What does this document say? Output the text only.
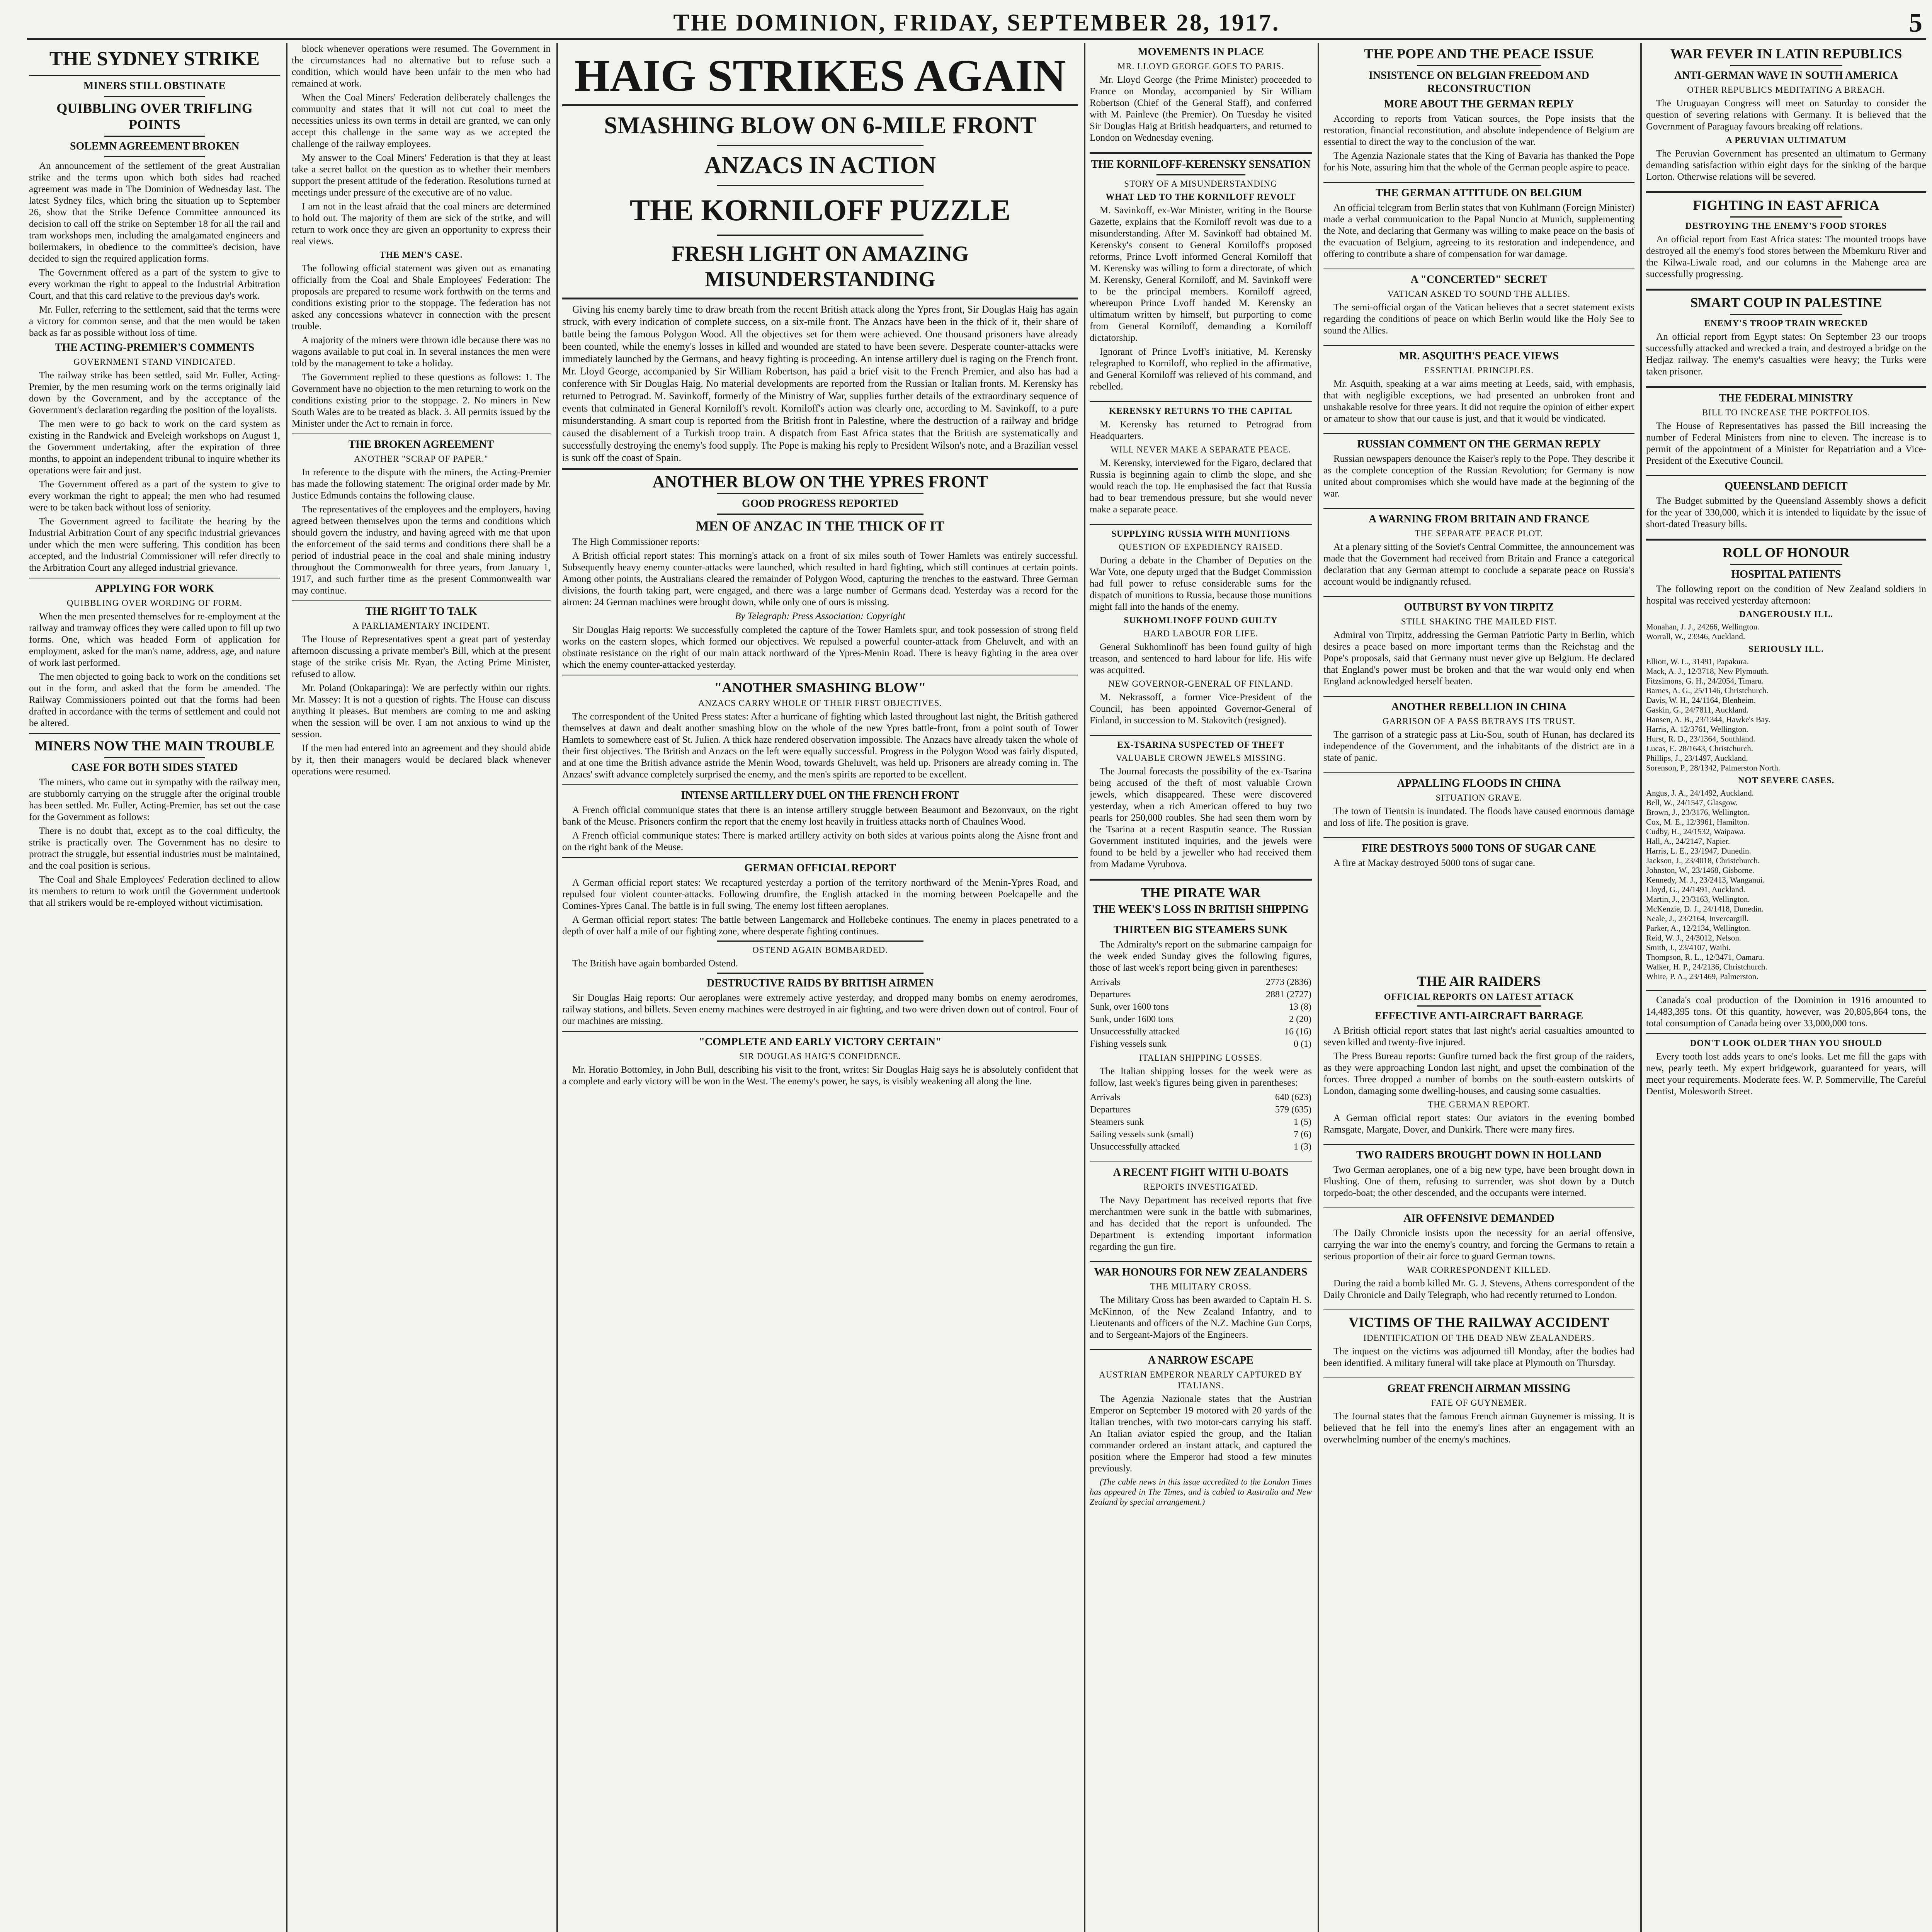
THE DOMINION, FRIDAY, SEPTEMBER 28, 1917.	5
THE SYDNEY STRIKE
MINERS STILL OBSTINATE
QUIBBLING OVER TRIFLING POINTS
SOLEMN AGREEMENT BROKEN

An announcement of the settlement of the great Australian strike and the terms upon which both sides had reached agreement was made in The Dominion of Wednesday last. The latest Sydney files, which bring the situation up to September 26, show that the Strike Defence Committee announced its decision to call off the strike on September 18 for all the rail and tram workshops men, including the amalgamated engineers and boilermakers, in obedience to the committee's decision, have decided to sign the required application forms.

The Government offered as a part of the system to give to every workman the right to appeal to the Industrial Arbitration Court, and that this card relative to the previous day's work.

Mr. Fuller, referring to the settlement, said that the terms were a victory for common sense, and that the men would be taken back as far as possible without loss of time.

THE ACTING-PREMIER'S COMMENTS
GOVERNMENT STAND VINDICATED.

The railway strike has been settled, said Mr. Fuller, Acting-Premier, by the men resuming work on the terms originally laid down by the Government, and by the acceptance of the Government's declaration regarding the position of the loyalists.

The men were to go back to work on the card system as existing in the Randwick and Eveleigh workshops on August 1, the Government undertaking, after the expiration of three months, to appoint an independent tribunal to inquire whether its operations were fair and just.

The Government offered as a part of the system to give to every workman the right to appeal; the men who had resumed were to be taken back without loss of seniority.

The Government agreed to facilitate the hearing by the Industrial Arbitration Court of any specific industrial grievances under which the men were suffering. This condition has been accepted, and the Industrial Commissioner will refer directly to the Arbitration Court any alleged industrial grievance.

APPLYING FOR WORK
QUIBBLING OVER WORDING OF FORM.

When the men presented themselves for re-employment at the railway and tramway offices they were called upon to fill up two forms. One, which was headed Form of application for employment, asked for the man's name, address, age, and nature of work last performed.

The men objected to going back to work on the conditions set out in the form, and asked that the form be amended. The Railway Commissioners pointed out that the forms had been drafted in accordance with the terms of settlement and could not be altered.

MINERS NOW THE MAIN TROUBLE
CASE FOR BOTH SIDES STATED

The miners, who came out in sympathy with the railway men, are stubbornly carrying on the struggle after the original trouble has been settled. Mr. Fuller, Acting-Premier, has set out the case for the Government as follows:

There is no doubt that, except as to the coal difficulty, the strike is practically over. The Government has no desire to protract the struggle, but essential industries must be maintained, and the coal position is serious.

The Coal and Shale Employees' Federation declined to allow its members to return to work until the Government undertook that all strikers would be re-employed without victimisation.

block whenever operations were resumed. The Government in the circumstances had no alternative but to refuse such a condition, which would have been unfair to the men who had remained at work.

When the Coal Miners' Federation deliberately challenges the community and states that it will not cut coal to meet the necessities unless its own terms in detail are granted, we can only accept this challenge in the same way as we accepted the challenge of the railway employees.

My answer to the Coal Miners' Federation is that they at least take a secret ballot on the question as to whether their members support the present attitude of the federation. Resolutions turned at meetings under pressure of the executive are of no value.

I am not in the least afraid that the coal miners are determined to hold out. The majority of them are sick of the strike, and will return to work once they are given an opportunity to express their real views.

THE MEN'S CASE.

The following official statement was given out as emanating officially from the Coal and Shale Employees' Federation: The proposals are prepared to resume work forthwith on the terms and conditions existing prior to the stoppage. The federation has not asked any concessions whatever in connection with the present trouble.

A majority of the miners were thrown idle because there was no wagons available to put coal in. In several instances the men were told by the management to take a holiday.

The Government replied to these questions as follows: 1. The Government have no objection to the men returning to work on the conditions existing prior to the stoppage. 2. No miners in New South Wales are to be treated as black. 3. All permits issued by the Minister under the Act to remain in force.

THE BROKEN AGREEMENT
ANOTHER "SCRAP OF PAPER."

In reference to the dispute with the miners, the Acting-Premier has made the following statement: The original order made by Mr. Justice Edmunds contains the following clause.

The representatives of the employees and the employers, having agreed between themselves upon the terms and conditions which should govern the industry, and having agreed with me that upon the enforcement of the said terms and conditions there shall be a period of industrial peace in the coal and shale mining industry throughout the Commonwealth for three years, from January 1, 1917, and such further time as the present Commonwealth war may continue.

THE RIGHT TO TALK
A PARLIAMENTARY INCIDENT.

The House of Representatives spent a great part of yesterday afternoon discussing a private member's Bill, which at the present stage of the strike crisis Mr. Ryan, the Acting Prime Minister, refused to allow.

Mr. Poland (Onkaparinga): We are perfectly within our rights. Mr. Massey: It is not a question of rights. The House can discuss anything it pleases. But members are coming to me and asking when the session will be over. I am not anxious to wind up the session.

If the men had entered into an agreement and they should abide by it, then their managers would be declared black whenever operations were resumed.

HAIG STRIKES AGAIN
SMASHING BLOW ON 6-MILE FRONT
ANZACS IN ACTION
THE KORNILOFF PUZZLE
FRESH LIGHT ON AMAZING MISUNDERSTANDING

Giving his enemy barely time to draw breath from the recent British attack along the Ypres front, Sir Douglas Haig has again struck, with every indication of complete success, on a six-mile front. The Anzacs have been in the thick of it, their share of battle being the famous Polygon Wood. All the objectives set for them were achieved. One thousand prisoners have already been counted, while the enemy's losses in killed and wounded are stated to have been severe. Desperate counter-attacks were immediately launched by the Germans, and heavy fighting is proceeding. An intense artillery duel is raging on the French front. Mr. Lloyd George, accompanied by Sir William Robertson, has paid a brief visit to the French Premier, and also has had a conference with Sir Douglas Haig. No material developments are reported from the Russian or Italian fronts. M. Kerensky has returned to Petrograd. M. Savinkoff, formerly of the Ministry of War, supplies further details of the extraordinary sequence of events that culminated in General Korniloff's revolt. Korniloff's action was clearly one, according to M. Savinkoff, to a pure misunderstanding. A smart coup is reported from the British front in Palestine, where the destruction of a railway and bridge caused the disablement of a Turkish troop train. A dispatch from East Africa states that the British are systematically and successfully destroying the enemy's food supply. The Pope is making his reply to President Wilson's note, and a Brazilian vessel is sunk off the coast of Spain.

ANOTHER BLOW ON THE YPRES FRONT
GOOD PROGRESS REPORTED
MEN OF ANZAC IN THE THICK OF IT

The High Commissioner reports:

A British official report states: This morning's attack on a front of six miles south of Tower Hamlets was entirely successful. Subsequently heavy enemy counter-attacks were launched, which resulted in hard fighting, which still continues at certain points. Among other points, the Australians cleared the remainder of Polygon Wood, capturing the trenches to the eastward. Three German divisions, the fourth taking part, were engaged, and there was a large number of Germans dead. Yesterday was a record for the airmen: 24 German machines were brought down, while only one of ours is missing.

By Telegraph: Press Association: Copyright

Sir Douglas Haig reports: We successfully completed the capture of the Tower Hamlets spur, and took possession of strong field works on the eastern slopes, which formed our objectives. We repulsed a powerful counter-attack from Gheluvelt, and with an obstinate resistance on the right of our main attack northward of the Ypres-Menin Road. There is heavy fighting in the area over which the enemy counter-attacked yesterday.

"ANOTHER SMASHING BLOW"
ANZACS CARRY WHOLE OF THEIR FIRST OBJECTIVES.

The correspondent of the United Press states: After a hurricane of fighting which lasted throughout last night, the British gathered themselves at dawn and dealt another smashing blow on the whole of the new Ypres battle-front, from a point south of Tower Hamlets to somewhere east of St. Julien. A thick haze rendered observation impossible. The Anzacs have already taken the whole of their first objectives. The British and Anzacs on the left were equally successful. Progress in the Polygon Wood was fairly disputed, and at one time the British advance astride the Menin Wood, towards Gheluvelt, was held up. Prisoners are already coming in. The Anzacs' swift advance completely surprised the enemy, and the men's spirits are reported to be excellent.

INTENSE ARTILLERY DUEL ON THE FRENCH FRONT

A French official communique states that there is an intense artillery struggle between Beaumont and Bezonvaux, on the right bank of the Meuse. Prisoners confirm the report that the enemy lost heavily in fruitless attacks north of Chaulnes Wood.

A French official communique states: There is marked artillery activity on both sides at various points along the Aisne front and on the right bank of the Meuse.

GERMAN OFFICIAL REPORT

A German official report states: We recaptured yesterday a portion of the territory northward of the Menin-Ypres Road, and repulsed four violent counter-attacks. Following drumfire, the English attacked in the morning between Poelcapelle and the Comines-Ypres Canal. The battle is in full swing. The enemy lost fifteen aeroplanes.

A German official report states: The battle between Langemarck and Hollebeke continues. The enemy in places penetrated to a depth of over half a mile of our fighting zone, where desperate fighting continues.

OSTEND AGAIN BOMBARDED.

The British have again bombarded Ostend.

DESTRUCTIVE RAIDS BY BRITISH AIRMEN

Sir Douglas Haig reports: Our aeroplanes were extremely active yesterday, and dropped many bombs on enemy aerodromes, railway stations, and billets. Seven enemy machines were destroyed in air fighting, and two were driven down out of control. Four of our machines are missing.

"COMPLETE AND EARLY VICTORY CERTAIN"
SIR DOUGLAS HAIG'S CONFIDENCE.

Mr. Horatio Bottomley, in John Bull, describing his visit to the front, writes: Sir Douglas Haig says he is absolutely confident that a complete and early victory will be won in the West. The enemy's power, he says, is visibly weakening all along the line.

MOVEMENTS IN PLACE
MR. LLOYD GEORGE GOES TO PARIS.

Mr. Lloyd George (the Prime Minister) proceeded to France on Monday, accompanied by Sir William Robertson (Chief of the General Staff), and conferred with M. Painleve (the Premier). On Tuesday he visited Sir Douglas Haig at British headquarters, and returned to London on Wednesday evening.

THE KORNILOFF-KERENSKY SENSATION
STORY OF A MISUNDERSTANDING
WHAT LED TO THE KORNILOFF REVOLT

M. Savinkoff, ex-War Minister, writing in the Bourse Gazette, explains that the Korniloff revolt was due to a misunderstanding. After M. Savinkoff had obtained M. Kerensky's consent to General Korniloff's proposed reforms, Prince Lvoff informed General Korniloff that M. Kerensky was willing to form a directorate, of which M. Kerensky, General Korniloff, and M. Savinkoff were to be the principal members. Korniloff agreed, whereupon Prince Lvoff handed M. Kerensky an ultimatum written by himself, but purporting to come from General Korniloff, demanding a Korniloff dictatorship.

Ignorant of Prince Lvoff's initiative, M. Kerensky telegraphed to Korniloff, who replied in the affirmative, and General Korniloff was relieved of his command, and rebelled.

KERENSKY RETURNS TO THE CAPITAL

M. Kerensky has returned to Petrograd from Headquarters.

WILL NEVER MAKE A SEPARATE PEACE.

M. Kerensky, interviewed for the Figaro, declared that Russia is beginning again to climb the slope, and she would reach the top. He emphasised the fact that Russia had to bear tremendous pressure, but she would never make a separate peace.

SUPPLYING RUSSIA WITH MUNITIONS
QUESTION OF EXPEDIENCY RAISED.

During a debate in the Chamber of Deputies on the War Vote, one deputy urged that the Budget Commission had full power to refuse considerable sums for the dispatch of munitions to Russia, because those munitions might fall into the hands of the enemy.

SUKHOMLINOFF FOUND GUILTY
HARD LABOUR FOR LIFE.

General Sukhomlinoff has been found guilty of high treason, and sentenced to hard labour for life. His wife was acquitted.

NEW GOVERNOR-GENERAL OF FINLAND.

M. Nekrassoff, a former Vice-President of the Council, has been appointed Governor-General of Finland, in succession to M. Stakovitch (resigned).

EX-TSARINA SUSPECTED OF THEFT
VALUABLE CROWN JEWELS MISSING.

The Journal forecasts the possibility of the ex-Tsarina being accused of the theft of most valuable Crown jewels, which disappeared. These were discovered yesterday, when a rich American offered to buy two pearls for 250,000 roubles. She had seen them worn by the Tsarina at a recent Rasputin seance. The Russian Government instituted inquiries, and the jewels were found to be held by a jeweller who had received them from Madame Vyrubova.

THE PIRATE WAR
THE WEEK'S LOSS IN BRITISH SHIPPING
THIRTEEN BIG STEAMERS SUNK

The Admiralty's report on the submarine campaign for the week ended Sunday gives the following figures, those of last week's report being given in parentheses:

Arrivals	2773 (2836)
Departures	2881 (2727)
Sunk, over 1600 tons	13 (8)
Sunk, under 1600 tons	2 (20)
Unsuccessfully attacked	16 (16)
Fishing vessels sunk	0 (1)
ITALIAN SHIPPING LOSSES.

The Italian shipping losses for the week were as follow, last week's figures being given in parentheses:

Arrivals	640 (623)
Departures	579 (635)
Steamers sunk	1 (5)
Sailing vessels sunk (small)	7 (6)
Unsuccessfully attacked	1 (3)
A RECENT FIGHT WITH U-BOATS
REPORTS INVESTIGATED.

The Navy Department has received reports that five merchantmen were sunk in the battle with submarines, and has decided that the report is unfounded. The Department is extending important information regarding the gun fire.

WAR HONOURS FOR NEW ZEALANDERS
THE MILITARY CROSS.

The Military Cross has been awarded to Captain H. S. McKinnon, of the New Zealand Infantry, and to Lieutenants and officers of the N.Z. Machine Gun Corps, and to Sergeant-Majors of the Engineers.

A NARROW ESCAPE
AUSTRIAN EMPEROR NEARLY CAPTURED BY ITALIANS.

The Agenzia Nazionale states that the Austrian Emperor on September 19 motored with 20 yards of the Italian trenches, with two motor-cars carrying his staff. An Italian aviator espied the group, and the Italian commander ordered an instant attack, and captured the position where the Emperor had stood a few minutes previously.

(The cable news in this issue accredited to the London Times has appeared in The Times, and is cabled to Australia and New Zealand by special arrangement.)

THE AIR RAIDERS
OFFICIAL REPORTS ON LATEST ATTACK
EFFECTIVE ANTI-AIRCRAFT BARRAGE

A British official report states that last night's aerial casualties amounted to seven killed and twenty-five injured.

The Press Bureau reports: Gunfire turned back the first group of the raiders, as they were approaching London last night, and upset the combination of the forces. Three dropped a number of bombs on the south-eastern outskirts of London, damaging some dwelling-houses, and causing some casualties.

THE GERMAN REPORT.

A German official report states: Our aviators in the evening bombed Ramsgate, Margate, Dover, and Dunkirk. There were many fires.

TWO RAIDERS BROUGHT DOWN IN HOLLAND

Two German aeroplanes, one of a big new type, have been brought down in Flushing. One of them, refusing to surrender, was shot down by a Dutch torpedo-boat; the other descended, and the occupants were interned.

AIR OFFENSIVE DEMANDED

The Daily Chronicle insists upon the necessity for an aerial offensive, carrying the war into the enemy's country, and forcing the Germans to retain a serious proportion of their air force to guard German towns.

WAR CORRESPONDENT KILLED.

During the raid a bomb killed Mr. G. J. Stevens, Athens correspondent of the Daily Chronicle and Daily Telegraph, who had recently returned to London.

VICTIMS OF THE RAILWAY ACCIDENT
IDENTIFICATION OF THE DEAD NEW ZEALANDERS.

The inquest on the victims was adjourned till Monday, after the bodies had been identified. A military funeral will take place at Plymouth on Thursday.

GREAT FRENCH AIRMAN MISSING
FATE OF GUYNEMER.

The Journal states that the famous French airman Guynemer is missing. It is believed that he fell into the enemy's lines after an engagement with an overwhelming number of the enemy's machines.

THE POPE AND THE PEACE ISSUE
INSISTENCE ON BELGIAN FREEDOM AND RECONSTRUCTION
MORE ABOUT THE GERMAN REPLY

According to reports from Vatican sources, the Pope insists that the restoration, financial reconstitution, and absolute independence of Belgium are essential to direct the way to the conclusion of the war.

The Agenzia Nazionale states that the King of Bavaria has thanked the Pope for his Note, assuring him that the whole of the German people aspire to peace.

THE GERMAN ATTITUDE ON BELGIUM

An official telegram from Berlin states that von Kuhlmann (Foreign Minister) made a verbal communication to the Papal Nuncio at Munich, supplementing the Note, and declaring that Germany was willing to make peace on the basis of the evacuation of Belgium, agreeing to its restoration and independence, and offering to contribute a share of compensation for war damage.

A "CONCERTED" SECRET
VATICAN ASKED TO SOUND THE ALLIES.

The semi-official organ of the Vatican believes that a secret statement exists regarding the conditions of peace on which Berlin would like the Holy See to sound the Allies.

MR. ASQUITH'S PEACE VIEWS
ESSENTIAL PRINCIPLES.

Mr. Asquith, speaking at a war aims meeting at Leeds, said, with emphasis, that with negligible exceptions, we had presented an unbroken front and unshakable resolve for three years. It did not require the opinion of either expert or amateur to show that our cause is just, and that it would be vindicated.

RUSSIAN COMMENT ON THE GERMAN REPLY

Russian newspapers denounce the Kaiser's reply to the Pope. They describe it as the complete conception of the Russian Revolution; for Germany is now united about compromises which she would have made at the beginning of the war.

A WARNING FROM BRITAIN AND FRANCE
THE SEPARATE PEACE PLOT.

At a plenary sitting of the Soviet's Central Committee, the announcement was made that the Government had received from Britain and France a categorical declaration that any German attempt to conclude a separate peace on Russia's account would be indignantly refused.

OUTBURST BY VON TIRPITZ
STILL SHAKING THE MAILED FIST.

Admiral von Tirpitz, addressing the German Patriotic Party in Berlin, which desires a peace based on more important terms than the Reichstag and the Pope's proposals, said that Germany must never give up Belgium. He declared that England's power must be broken and that the war would only end when England acknowledged herself beaten.

ANOTHER REBELLION IN CHINA
GARRISON OF A PASS BETRAYS ITS TRUST.

The garrison of a strategic pass at Liu-Sou, south of Hunan, has declared its independence of the Government, and the inhabitants of the district are in a state of panic.

APPALLING FLOODS IN CHINA
SITUATION GRAVE.

The town of Tientsin is inundated. The floods have caused enormous damage and loss of life. The position is grave.

FIRE DESTROYS 5000 TONS OF SUGAR CANE

A fire at Mackay destroyed 5000 tons of sugar cane.

WAR FEVER IN LATIN REPUBLICS
ANTI-GERMAN WAVE IN SOUTH AMERICA
OTHER REPUBLICS MEDITATING A BREACH.

The Uruguayan Congress will meet on Saturday to consider the question of severing relations with Germany. It is believed that the Government of Paraguay favours breaking off relations.

A PERUVIAN ULTIMATUM

The Peruvian Government has presented an ultimatum to Germany demanding satisfaction within eight days for the sinking of the barque Lorton. Otherwise relations will be severed.

FIGHTING IN EAST AFRICA
DESTROYING THE ENEMY'S FOOD STORES

An official report from East Africa states: The mounted troops have destroyed all the enemy's food stores between the Mbemkuru River and the Kilwa-Liwale road, and our columns in the Mahenge area are successfully progressing.

SMART COUP IN PALESTINE
ENEMY'S TROOP TRAIN WRECKED

An official report from Egypt states: On September 23 our troops successfully attacked and wrecked a train, and destroyed a bridge on the Hedjaz railway. The enemy's casualties were heavy; the Turks were taken prisoner.

THE FEDERAL MINISTRY
BILL TO INCREASE THE PORTFOLIOS.

The House of Representatives has passed the Bill increasing the number of Federal Ministers from nine to eleven. The increase is to permit of the appointment of a Minister for Repatriation and a Vice-President of the Executive Council.

QUEENSLAND DEFICIT

The Budget submitted by the Queensland Assembly shows a deficit for the year of 330,000, which it is intended to liquidate by the issue of short-dated Treasury bills.

ROLL OF HONOUR
HOSPITAL PATIENTS

The following report on the condition of New Zealand soldiers in hospital was received yesterday afternoon:

DANGEROUSLY ILL.

Monahan, J. J., 24266, Wellington.

Worrall, W., 23346, Auckland.

SERIOUSLY ILL.

Elliott, W. L., 31491, Papakura.

Mack, A. J., 12/3718, New Plymouth.

Fitzsimons, G. H., 24/2054, Timaru.

Barnes, A. G., 25/1146, Christchurch.

Davis, W. H., 24/1164, Blenheim.

Gaskin, G., 24/7811, Auckland.

Hansen, A. B., 23/1344, Hawke's Bay.

Harris, A. 12/3761, Wellington.

Hurst, R. D., 23/1364, Southland.

Lucas, E. 28/1643, Christchurch.

Phillips, J., 23/1497, Auckland.

Sorenson, P., 28/1342, Palmerston North.

NOT SEVERE CASES.

Angus, J. A., 24/1492, Auckland.

Bell, W., 24/1547, Glasgow.

Brown, J., 23/3176, Wellington.

Cox, M. E., 12/3961, Hamilton.

Cudby, H., 24/1532, Waipawa.

Hall, A., 24/2147, Napier.

Harris, L. E., 23/1947, Dunedin.

Jackson, J., 23/4018, Christchurch.

Johnston, W., 23/1468, Gisborne.

Kennedy, M. J., 23/2413, Wanganui.

Lloyd, G., 24/1491, Auckland.

Martin, J., 23/3163, Wellington.

McKenzie, D. J., 24/1418, Dunedin.

Neale, J., 23/2164, Invercargill.

Parker, A., 12/2134, Wellington.

Reid, W. J., 24/3012, Nelson.

Smith, J., 23/4107, Waihi.

Thompson, R. L., 12/3471, Oamaru.

Walker, H. P., 24/2136, Christchurch.

White, P. A., 23/1469, Palmerston.

Canada's coal production of the Dominion in 1916 amounted to 14,483,395 tons. Of this quantity, however, was 20,805,864 tons, the total consumption of Canada being over 33,000,000 tons.

DON'T LOOK OLDER THAN YOU SHOULD

Every tooth lost adds years to one's looks. Let me fill the gaps with new, pearly teeth. My expert bridgework, guaranteed for years, will meet your requirements. Moderate fees. W. P. Sommerville, The Careful Dentist, Molesworth Street.
